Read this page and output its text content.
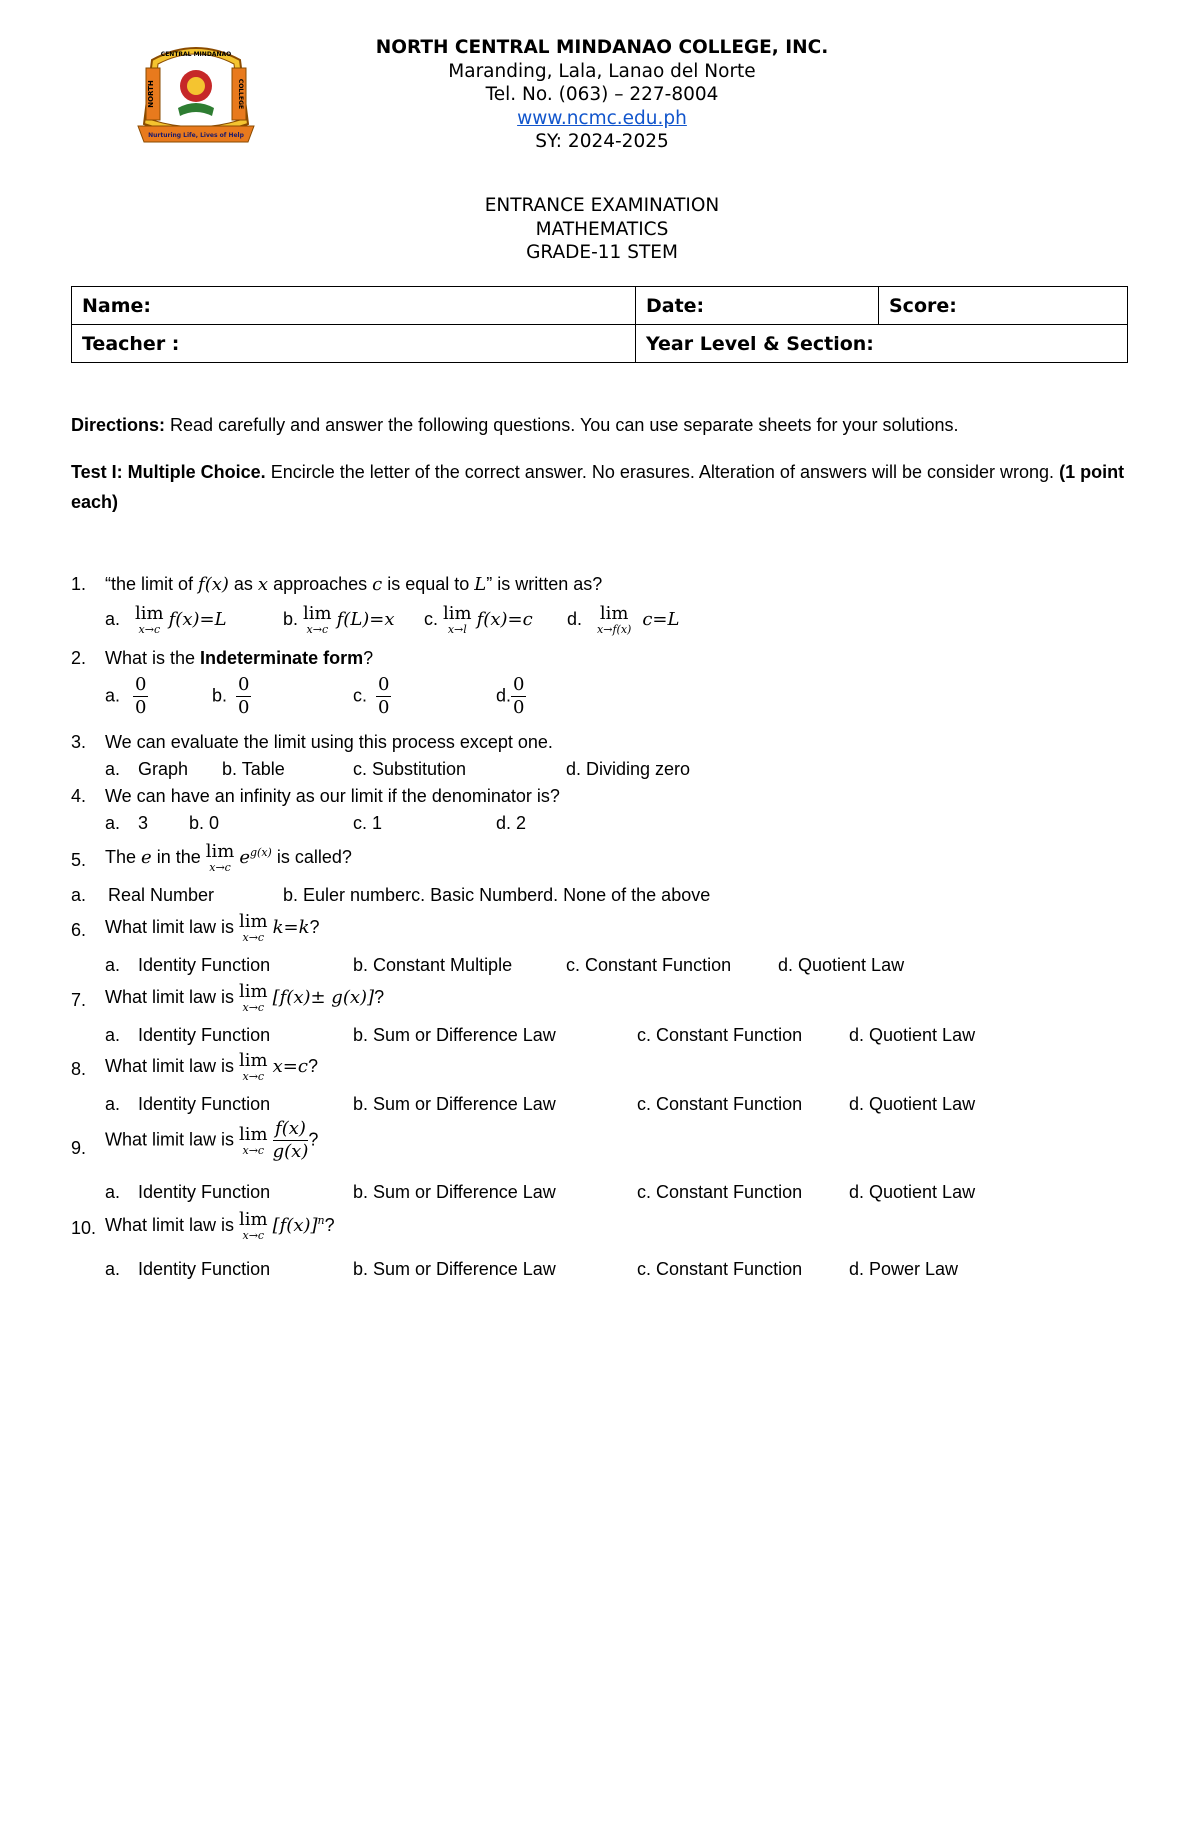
NORTH	COLLEGE
CENTRAL MINDANAO
Nurturing Life, Lives of Help
NORTH CENTRAL MINDANAO COLLEGE, INC.
Maranding, Lala, Lanao del Norte
Tel. No. (063) – 227-8004
www.ncmc.edu.ph
SY: 2024-2025
ENTRANCE EXAMINATION
MATHEMATICS
GRADE-11 STEM
Name:	Date:	Score:
Teacher :	Year Level & Section:	
Directions: Read carefully and answer the following questions. You can use separate sheets for your solutions.
Test I: Multiple Choice. Encircle the letter of the correct answer. No erasures. Alteration of answers will be consider wrong. (1 point each)
1. “the limit of f(x) as x approaches c is equal to L” is written as?
a. lim
x→c f(x)=L	b. lim
x→c f(L)=x c. lim
x→l f(x)=c d. lim
x→f(x) c=L
2. What is the Indeterminate form?
a. $\frac{0}{0}$	b. $\frac{0}{0}$	c. $\frac{0}{0}$	d. $\frac{0}{0}$
3. We can evaluate the limit using this process except one.
a. Graph b. Table	c. Substitution	d. Dividing zero
4. We can have an infinity as our limit if the denominator is?
a. 3 b. 0	c. 1	d. 2
5. The e in the lim
x→c $e^{g(x)}$ is called?
a. Real Number	b. Euler numberc. Basic Numberd. None of the above
6. What limit law is lim
x→c k=k?
a. Identity Function	b. Constant Multiple	c. Constant Function	d. Quotient Law
7. What limit law is lim
x→c [f(x)± g(x)]?
a. Identity Function	b. Sum or Difference Law	c. Constant Function	d. Quotient Law
8. What limit law is lim
x→c x=c?
a. Identity Function	b. Sum or Difference Law	c. Constant Function	d. Quotient Law
9. What limit law is lim
x→c
$\frac{f(x)}{g(x)}$ ?
a. Identity Function	b. Sum or Difference Law	c. Constant Function	d. Quotient Law
10. What limit law is lim
x→c $[f(x)]^n$?
a. Identity Function	b. Sum or Difference Law	c. Constant Function	d. Power Law
